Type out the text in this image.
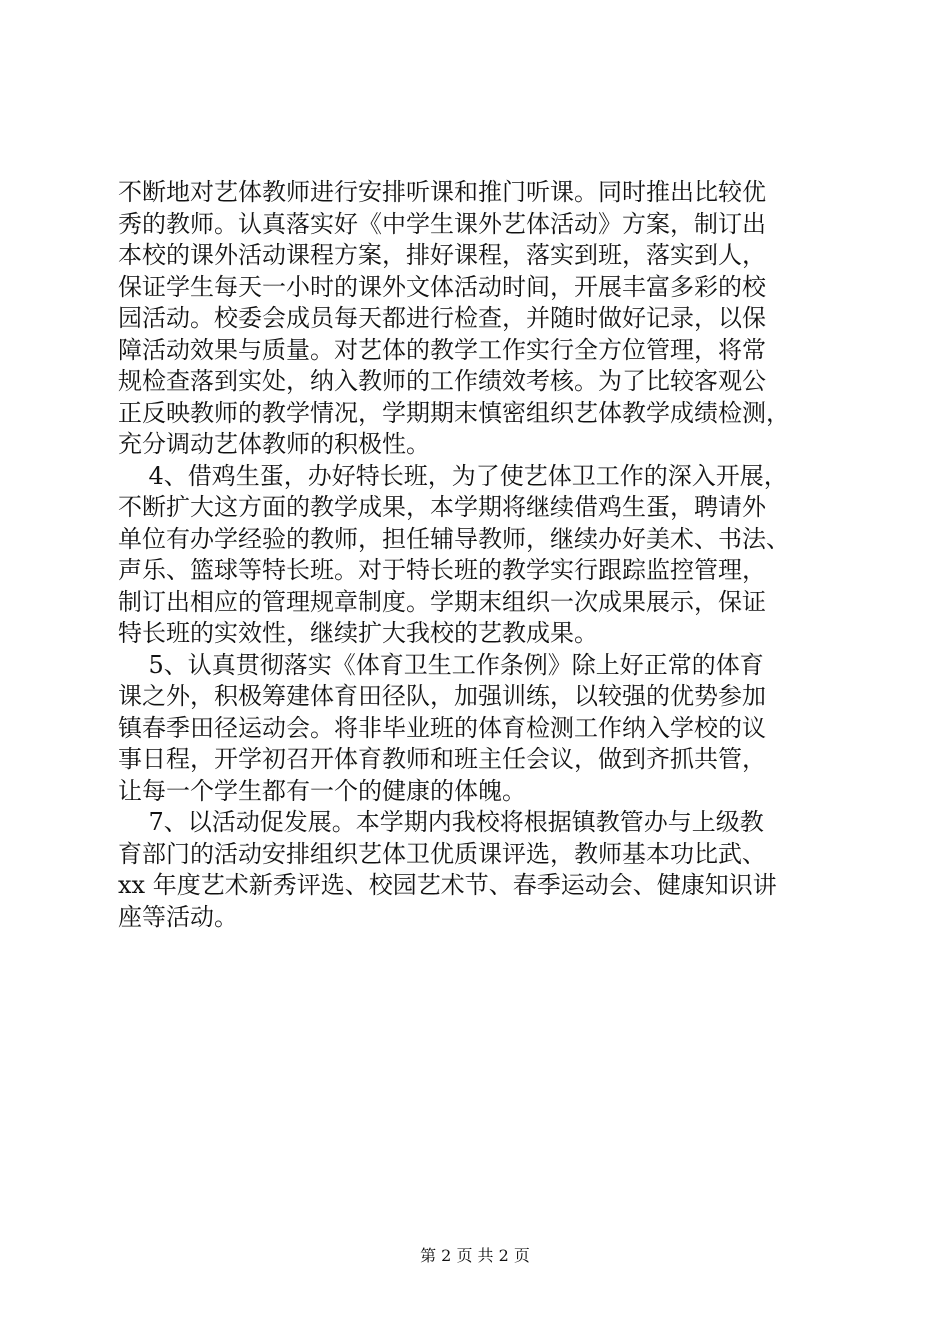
不断地对艺体教师进行安排听课和推门听课。同时推出比较优
秀的教师。认真落实好《中学生课外艺体活动》方案，制订出
本校的课外活动课程方案，排好课程，落实到班，落实到人，
保证学生每天一小时的课外文体活动时间，开展丰富多彩的校
园活动。校委会成员每天都进行检查，并随时做好记录，以保
障活动效果与质量。对艺体的教学工作实行全方位管理，将常
规检查落到实处，纳入教师的工作绩效考核。为了比较客观公
正反映教师的教学情况，学期期末慎密组织艺体教学成绩检测，
充分调动艺体教师的积极性。
4、借鸡生蛋，办好特长班，为了使艺体卫工作的深入开展，
不断扩大这方面的教学成果，本学期将继续借鸡生蛋，聘请外
单位有办学经验的教师，担任辅导教师，继续办好美术、书法、
声乐、篮球等特长班。对于特长班的教学实行跟踪监控管理，
制订出相应的管理规章制度。学期末组织一次成果展示，保证
特长班的实效性，继续扩大我校的艺教成果。
5、认真贯彻落实《体育卫生工作条例》除上好正常的体育
课之外，积极筹建体育田径队，加强训练，以较强的优势参加
镇春季田径运动会。将非毕业班的体育检测工作纳入学校的议
事日程，开学初召开体育教师和班主任会议，做到齐抓共管，
让每一个学生都有一个的健康的体魄。
7、以活动促发展。本学期内我校将根据镇教管办与上级教
育部门的活动安排组织艺体卫优质课评选，教师基本功比武、
xx 年度艺术新秀评选、校园艺术节、春季运动会、健康知识讲
座等活动。
第 2 页 共 2 页
